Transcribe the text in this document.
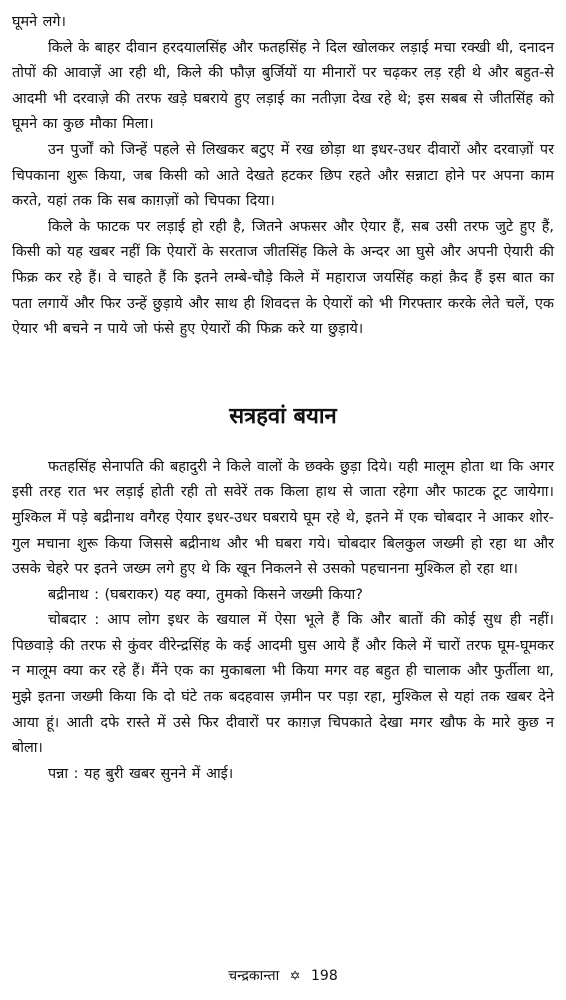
घूमने लगे।

किले के बाहर दीवान हरदयालसिंह और फतहसिंह ने दिल खोलकर लड़ाई मचा रक्खी थी, दनादन तोपों की आवाज़ें आ रही थी, किले की फौज़ बुर्जियों या मीनारों पर चढ़कर लड़ रही थे और बहुत-से आदमी भी दरवाज़े की तरफ खड़े घबराये हुए लड़ाई का नतीज़ा देख रहे थे; इस सबब से जीतसिंह को घूमने का कुछ मौका मिला।

उन पुर्जों को जिन्हें पहले से लिखकर बटुए में रख छोड़ा था इधर-उधर दीवारों और दरवाज़ों पर चिपकाना शुरू किया, जब किसी को आते देखते हटकर छिप रहते और सन्नाटा होने पर अपना काम करते, यहां तक कि सब काग़ज़ों को चिपका दिया।

किले के फाटक पर लड़ाई हो रही है, जितने अफसर और ऐयार हैं, सब उसी तरफ जुटे हुए हैं, किसी को यह खबर नहीं कि ऐयारों के सरताज जीतसिंह किले के अन्दर आ घुसे और अपनी ऐयारी की फिक्र कर रहे हैं। वे चाहते हैं कि इतने लम्बे-चौड़े किले में महाराज जयसिंह कहां क़ैद हैं इस बात का पता लगायें और फिर उन्हें छुड़ाये और साथ ही शिवदत्त के ऐयारों को भी गिरफ्तार करके लेते चलें, एक ऐयार भी बचने न पाये जो फंसे हुए ऐयारों की फिक्र करे या छुड़ाये।

सत्रहवां बयान

फतहसिंह सेनापति की बहादुरी ने किले वालों के छक्के छुड़ा दिये। यही मालूम होता था कि अगर इसी तरह रात भर लड़ाई होती रही तो सवेरें तक किला हाथ से जाता रहेगा और फाटक टूट जायेगा। मुश्किल में पड़े बद्रीनाथ वगैरह ऐयार इधर-उधर घबराये घूम रहे थे, इतने में एक चोबदार ने आकर शोर-गुल मचाना शुरू किया जिससे बद्रीनाथ और भी घबरा गये। चोबदार बिलकुल जख्मी हो रहा था और उसके चेहरे पर इतने जख्म लगे हुए थे कि खून निकलने से उसको पहचानना मुश्किल हो रहा था।

बद्रीनाथ : (घबराकर) यह क्या, तुमको किसने जख्मी किया?

चोबदार : आप लोग इधर के खयाल में ऐसा भूले हैं कि और बातों की कोई सुध ही नहीं। पिछवाड़े की तरफ से कुंवर वीरेन्द्रसिंह के कई आदमी घुस आये हैं और किले में चारों तरफ घूम-घूमकर न मालूम क्या कर रहे हैं। मैंने एक का मुकाबला भी किया मगर वह बहुत ही चालाक और फुर्तीला था, मुझे इतना जख्मी किया कि दो घंटे तक बदहवास ज़मीन पर पड़ा रहा, मुश्किल से यहां तक खबर देने आया हूं। आती दफे रास्ते में उसे फिर दीवारों पर काग़ज़ चिपकाते देखा मगर खौफ के मारे कुछ न बोला।

पन्ना : यह बुरी खबर सुनने में आई।

चन्द्रकान्ता ✡ 198
